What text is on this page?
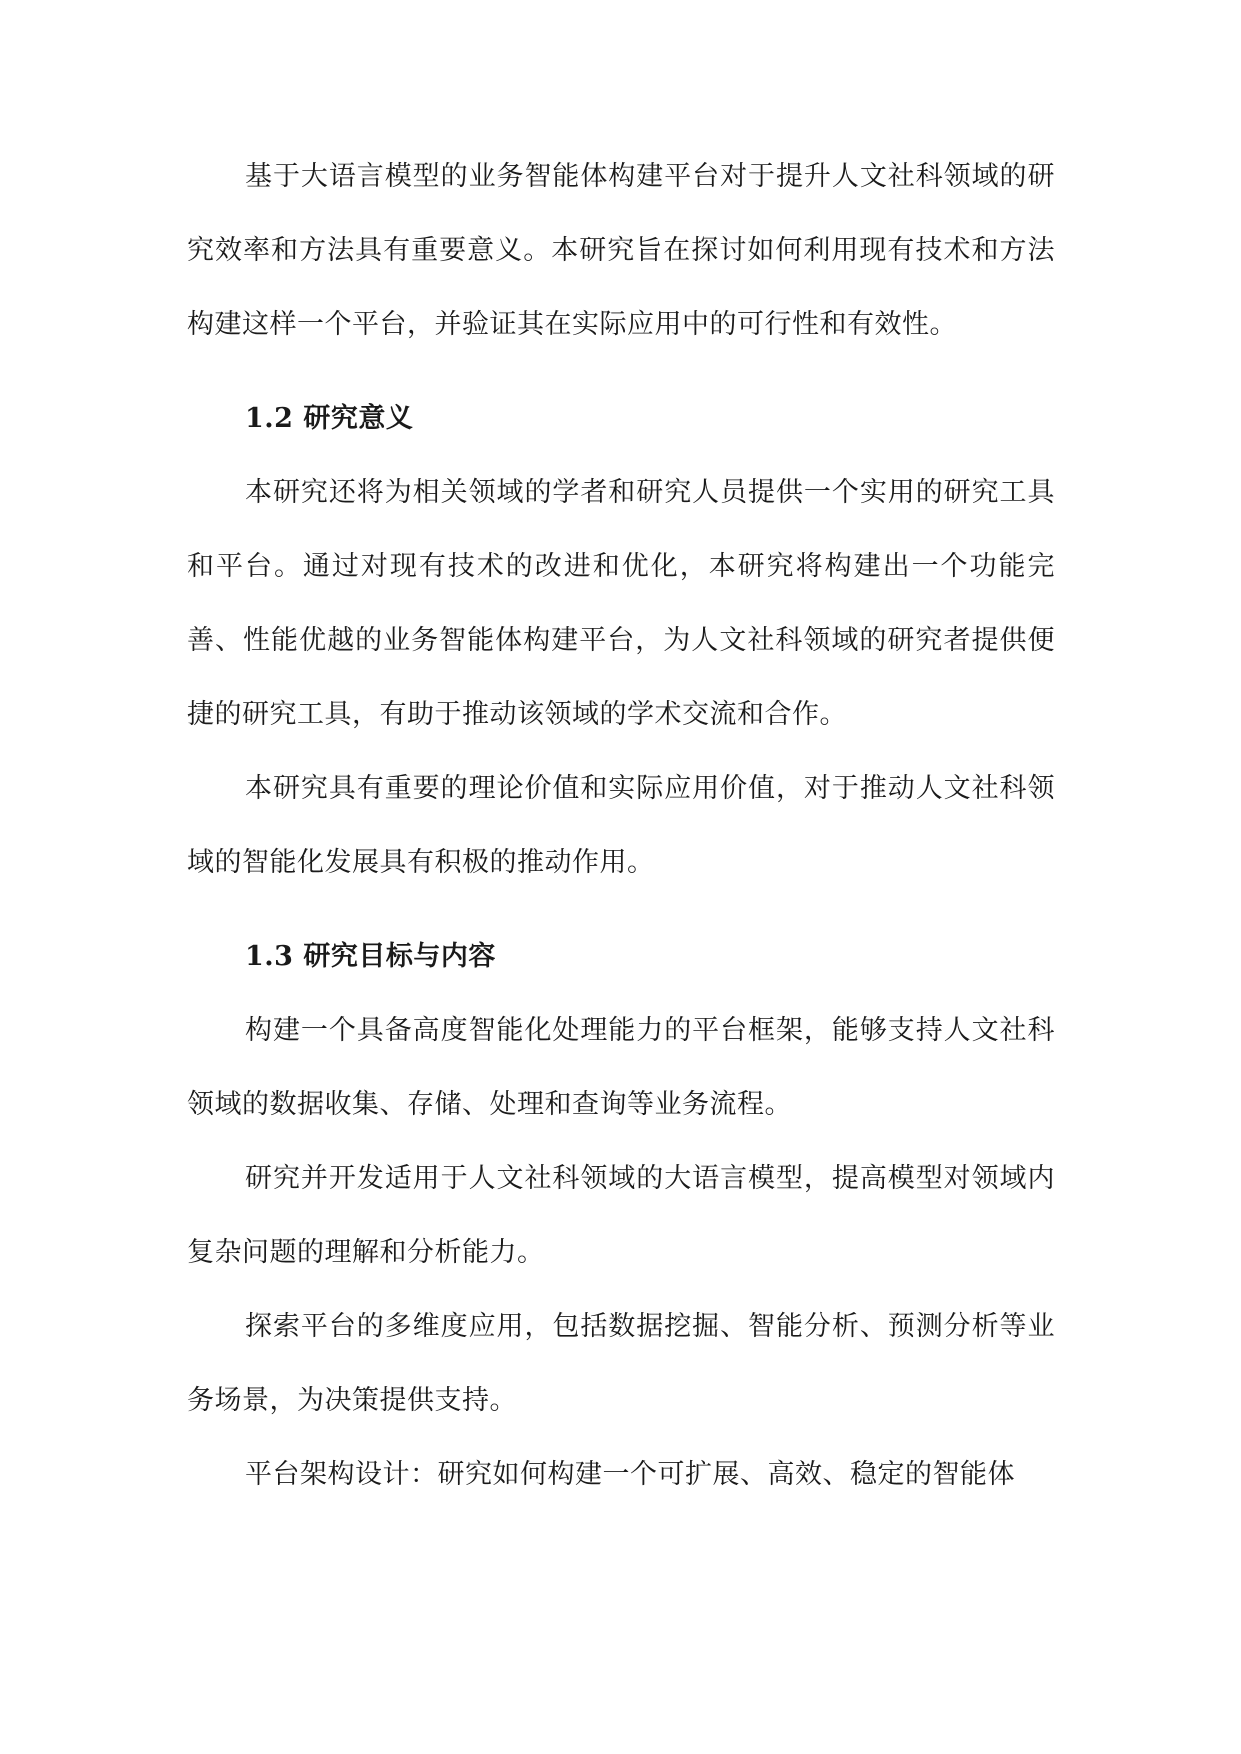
基于大语言模型的业务智能体构建平台对于提升人文社科领域的研究效率和方法具有重要意义。本研究旨在探讨如何利用现有技术和方法构建这样一个平台，并验证其在实际应用中的可行性和有效性。

1.2 研究意义

本研究还将为相关领域的学者和研究人员提供一个实用的研究工具和平台。通过对现有技术的改进和优化，本研究将构建出一个功能完善、性能优越的业务智能体构建平台，为人文社科领域的研究者提供便捷的研究工具，有助于推动该领域的学术交流和合作。

本研究具有重要的理论价值和实际应用价值，对于推动人文社科领域的智能化发展具有积极的推动作用。

1.3 研究目标与内容

构建一个具备高度智能化处理能力的平台框架，能够支持人文社科领域的数据收集、存储、处理和查询等业务流程。

研究并开发适用于人文社科领域的大语言模型，提高模型对领域内复杂问题的理解和分析能力。

探索平台的多维度应用，包括数据挖掘、智能分析、预测分析等业务场景，为决策提供支持。

平台架构设计：研究如何构建一个可扩展、高效、稳定的智能体
